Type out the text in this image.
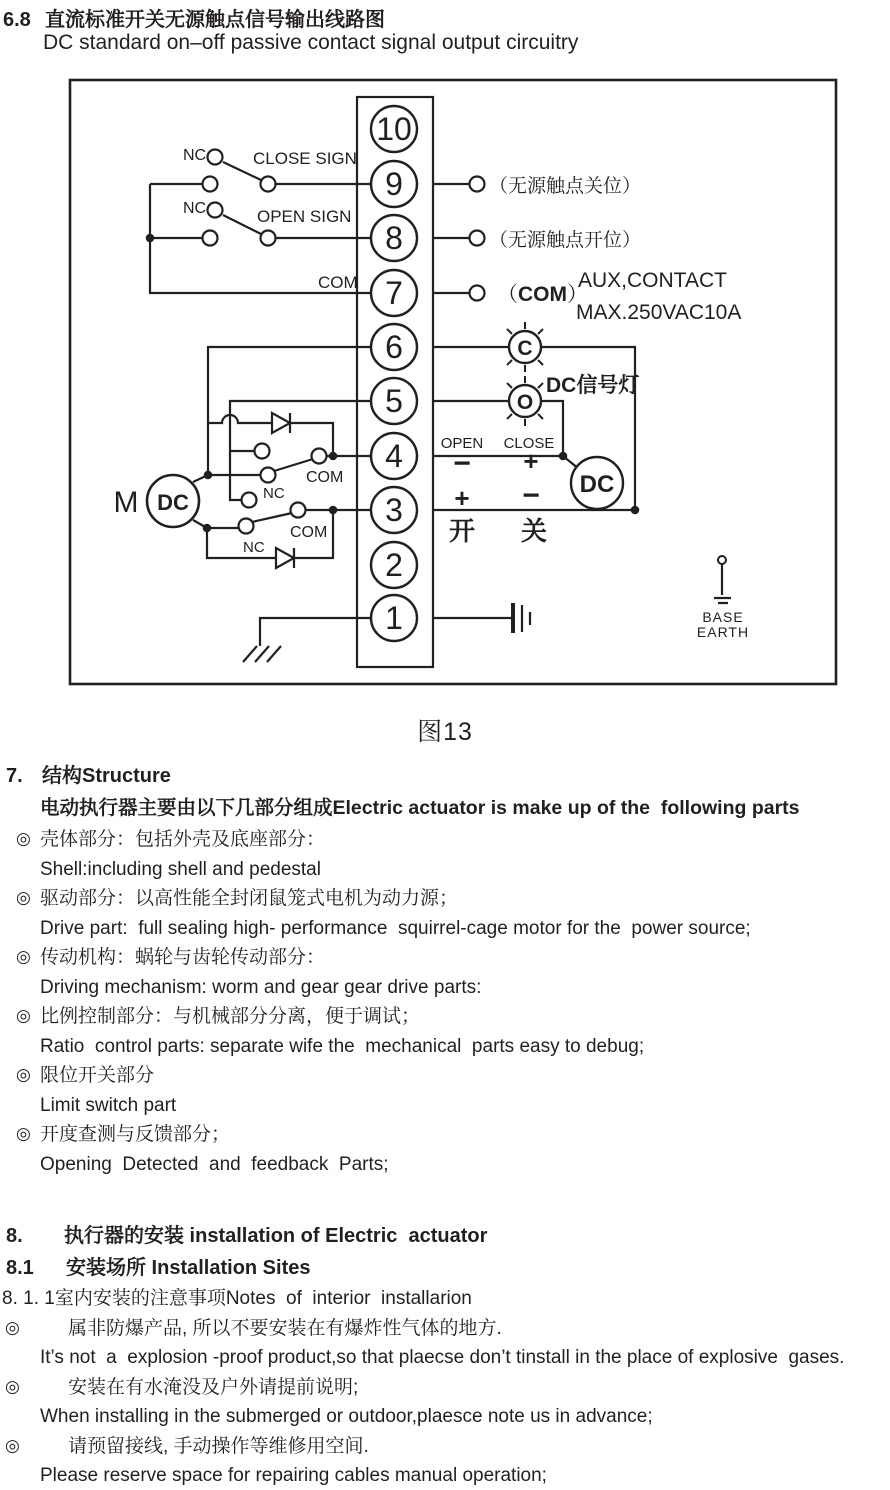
6.8 直流标准开关无源触点信号输出线路图
DC standard on–off passive contact signal output circuitry
10
9
8
7
6
5
4
3
2
1
NC	CLOSE SIGN
NC	OPEN SIGN
COM
（无源触点关位）
（无源触点开位）
（COM）
AUX,CONTACT
MAX.250VAC10A
C
O
DC信号灯
OPEN CLOSE
− +
+ −
开 关
DC
M DC
COM
NC
COM
NC
BASE
EARTH
图13
7. 结构Structure
电动执行器主要由以下几部分组成Electric actuator is make up of the  following parts
◎ 壳体部分：包括外壳及底座部分：
Shell:including shell and pedestal
◎ 驱动部分：以高性能全封闭鼠笼式电机为动力源；
Drive part:  full sealing high- performance  squirrel-cage motor for the  power source;
◎ 传动机构：蜗轮与齿轮传动部分：
Driving mechanism: worm and gear gear drive parts:
◎ 比例控制部分：与机械部分分离，便于调试；
Ratio  control parts: separate wife the  mechanical  parts easy to debug;
◎ 限位开关部分
Limit switch part
◎ 开度查测与反馈部分；
Opening  Detected  and  feedback  Parts;
8. 执行器的安装 installation of Electric  actuator
8.1 安装场所 Installation Sites
8. 1. 1室内安装的注意事项Notes  of  interior  installarion
◎	属非防爆产品, 所以不要安装在有爆炸性气体的地方.
It’s not  a  explosion -proof product,so that plaecse don’t tinstall in the place of explosive  gases.
◎	安装在有水淹没及户外请提前说明;
When installing in the submerged or outdoor,plaesce note us in advance;
◎	请预留接线, 手动操作等维修用空间.
Please reserve space for repairing cables manual operation;
